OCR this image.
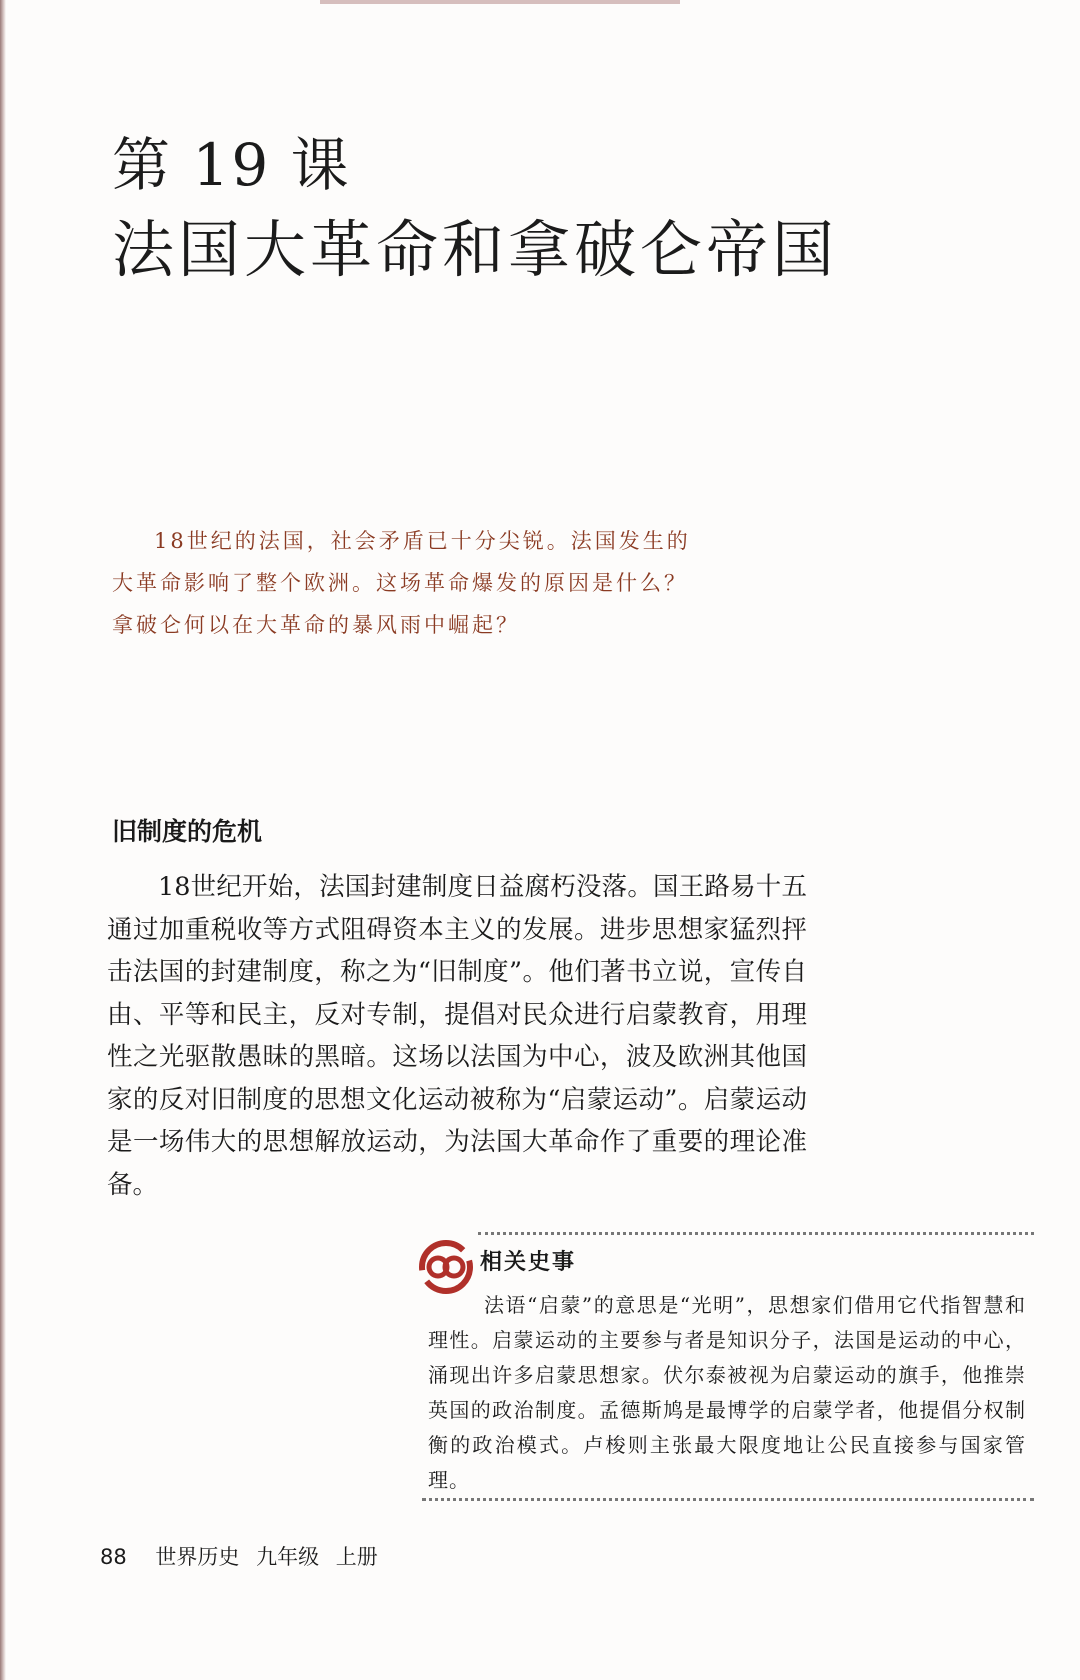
第 19 课
法国大革命和拿破仑帝国

18世纪的法国，社会矛盾已十分尖锐。法国发生的

大革命影响了整个欧洲。这场革命爆发的原因是什么？

拿破仑何以在大革命的暴风雨中崛起？

旧制度的危机

18世纪开始，法国封建制度日益腐朽没落。国王路易十五通过加重税收等方式阻碍资本主义的发展。进步思想家猛烈抨击法国的封建制度，称之为“旧制度”。他们著书立说，宣传自由、平等和民主，反对专制，提倡对民众进行启蒙教育，用理性之光驱散愚昧的黑暗。这场以法国为中心，波及欧洲其他国家的反对旧制度的思想文化运动被称为“启蒙运动”。启蒙运动是一场伟大的思想解放运动，为法国大革命作了重要的理论准备。

相关史事

法语“启蒙”的意思是“光明”，思想家们借用它代指智慧和理性。启蒙运动的主要参与者是知识分子，法国是运动的中心，涌现出许多启蒙思想家。伏尔泰被视为启蒙运动的旗手，他推崇英国的政治制度。孟德斯鸠是最博学的启蒙学者，他提倡分权制衡的政治模式。卢梭则主张最大限度地让公民直接参与国家管理。

88 世界历史 九年级 上册
